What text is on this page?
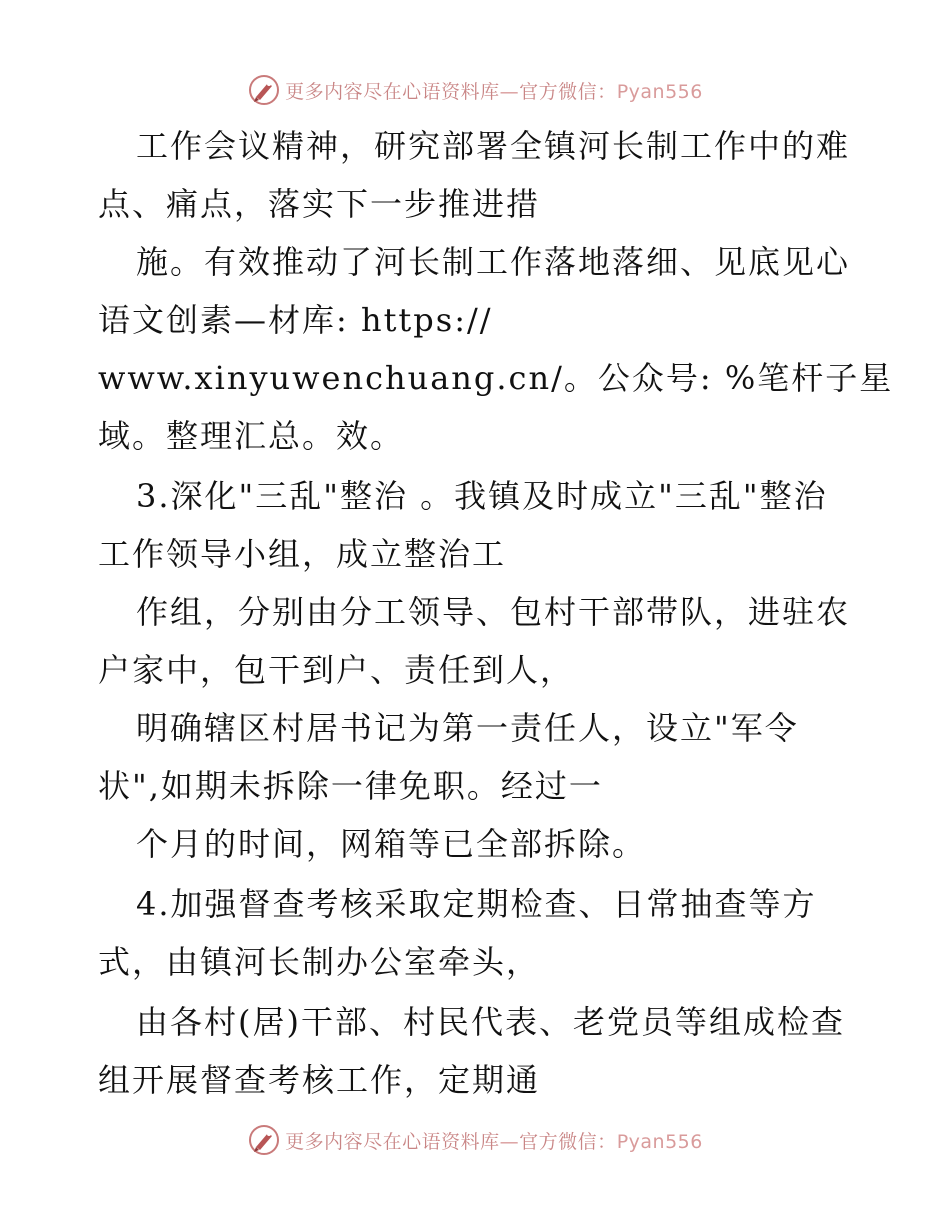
更多内容尽在心语资料库—官方微信：Pyan556
工作会议精神，研究部署全镇河长制工作中的难
点、痛点，落实下一步推进措
施。有效推动了河长制工作落地落细、见底见心
语文创素—材库: https://
www.xinyuwenchuang.cn/。公众号: %笔杆子星
域。整理汇总。效。
3.深化"三乱"整治 。我镇及时成立"三乱"整治
工作领导小组，成立整治工
作组，分别由分工领导、包村干部带队，进驻农
户家中，包干到户、责任到人，
明确辖区村居书记为第一责任人，设立"军令
状",如期未拆除一律免职。经过一
个月的时间，网箱等已全部拆除。
4.加强督查考核采取定期检查、日常抽查等方
式，由镇河长制办公室牵头，
由各村(居)干部、村民代表、老党员等组成检查
组开展督查考核工作，定期通
更多内容尽在心语资料库—官方微信：Pyan556
